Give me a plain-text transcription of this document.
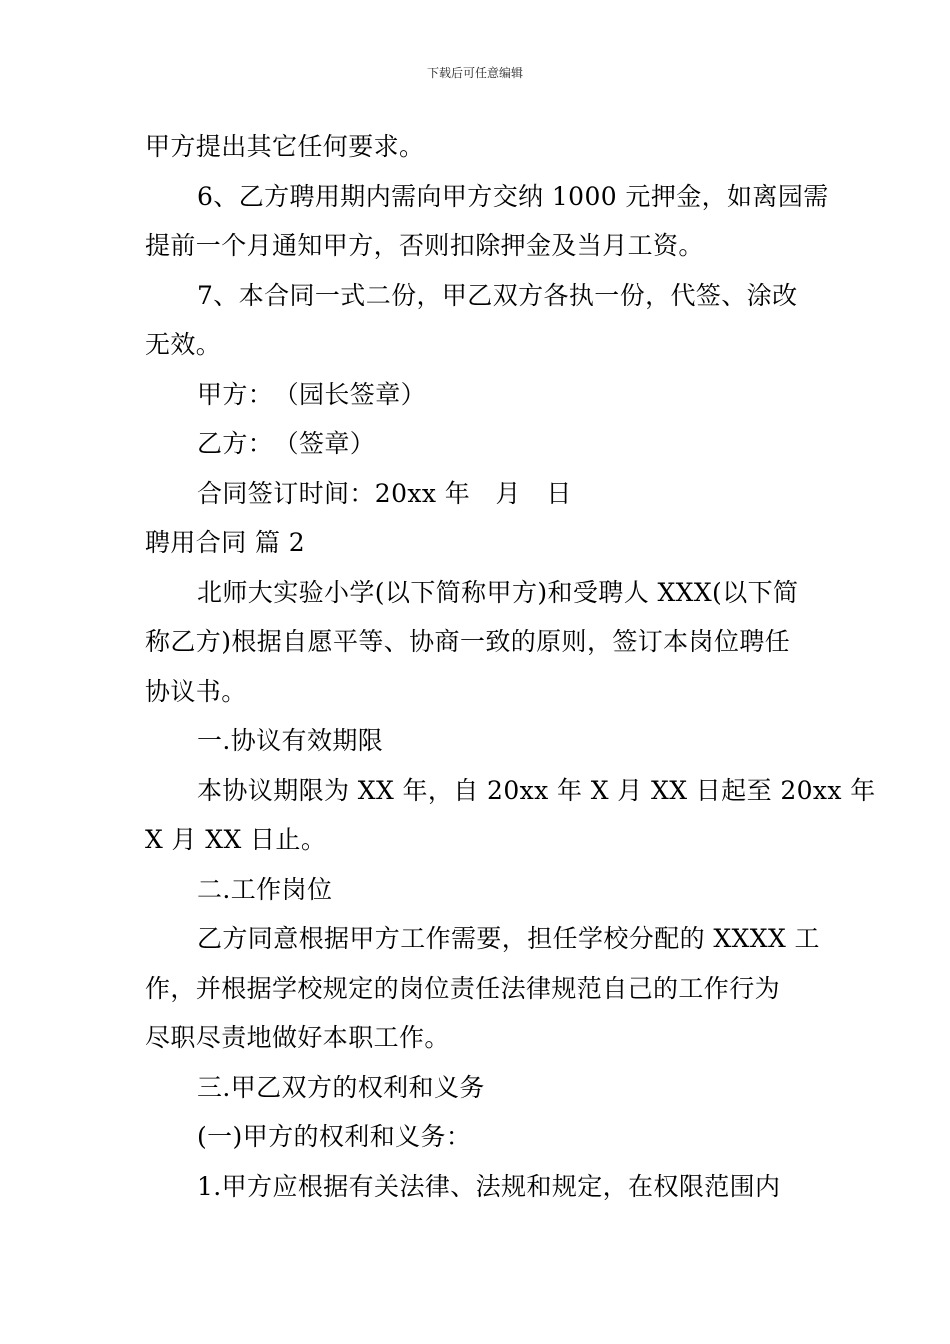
下载后可任意编辑
甲方提出其它任何要求。
6、乙方聘用期内需向甲方交纳 1000 元押金，如离园需
提前一个月通知甲方，否则扣除押金及当月工资。
7、本合同一式二份，甲乙双方各执一份，代签、涂改
无效。
甲方：　（园长签章）
乙方：　（签章）
合同签订时间：20xx 年　月　日
聘用合同 篇 2
北师大实验小学(以下简称甲方)和受聘人 XXX(以下简
称乙方)根据自愿平等、协商一致的原则，签订本岗位聘任
协议书。
一.协议有效期限
本协议期限为 XX 年，自 20xx 年 X 月 XX 日起至 20xx 年
X 月 XX 日止。
二.工作岗位
乙方同意根据甲方工作需要，担任学校分配的 XXXX 工
作，并根据学校规定的岗位责任法律规范自己的工作行为
尽职尽责地做好本职工作。
三.甲乙双方的权利和义务
(一)甲方的权利和义务：
1.甲方应根据有关法律、法规和规定，在权限范围内
